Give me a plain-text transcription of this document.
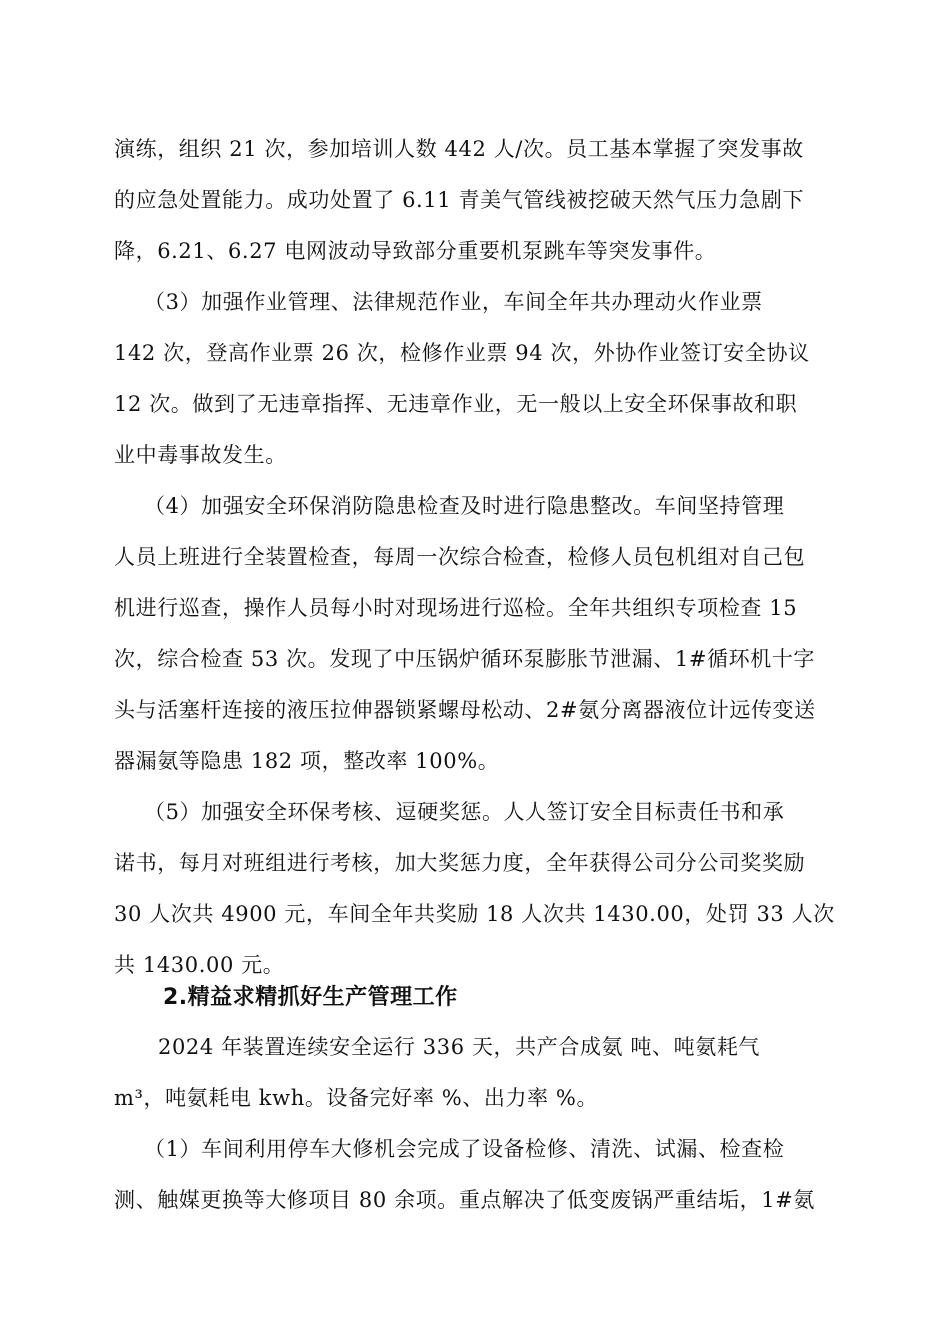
演练，组织 21 次，参加培训人数 442 人/次。员工基本掌握了突发事故
的应急处置能力。成功处置了 6.11 青美气管线被挖破天然气压力急剧下
降，6.21、6.27 电网波动导致部分重要机泵跳车等突发事件。
（3）加强作业管理、法律规范作业，车间全年共办理动火作业票
142 次，登高作业票 26 次，检修作业票 94 次，外协作业签订安全协议
12 次。做到了无违章指挥、无违章作业，无一般以上安全环保事故和职
业中毒事故发生。
（4）加强安全环保消防隐患检查及时进行隐患整改。车间坚持管理
人员上班进行全装置检查，每周一次综合检查，检修人员包机组对自己包
机进行巡查，操作人员每小时对现场进行巡检。全年共组织专项检查 15
次，综合检查 53 次。发现了中压锅炉循环泵膨胀节泄漏、1#循环机十字
头与活塞杆连接的液压拉伸器锁紧螺母松动、2#氨分离器液位计远传变送
器漏氨等隐患 182 项，整改率 100%。
（5）加强安全环保考核、逗硬奖惩。人人签订安全目标责任书和承
诺书，每月对班组进行考核，加大奖惩力度，全年获得公司分公司奖奖励
30 人次共 4900 元，车间全年共奖励 18 人次共 1430.00，处罚 33 人次
共 1430.00 元。
2.精益求精抓好生产管理工作
2024 年装置连续安全运行 336 天，共产合成氨 吨、吨氨耗气
m³，吨氨耗电 kwh。设备完好率 %、出力率 %。
（1）车间利用停车大修机会完成了设备检修、清洗、试漏、检查检
测、触媒更换等大修项目 80 余项。重点解决了低变废锅严重结垢，1#氨
